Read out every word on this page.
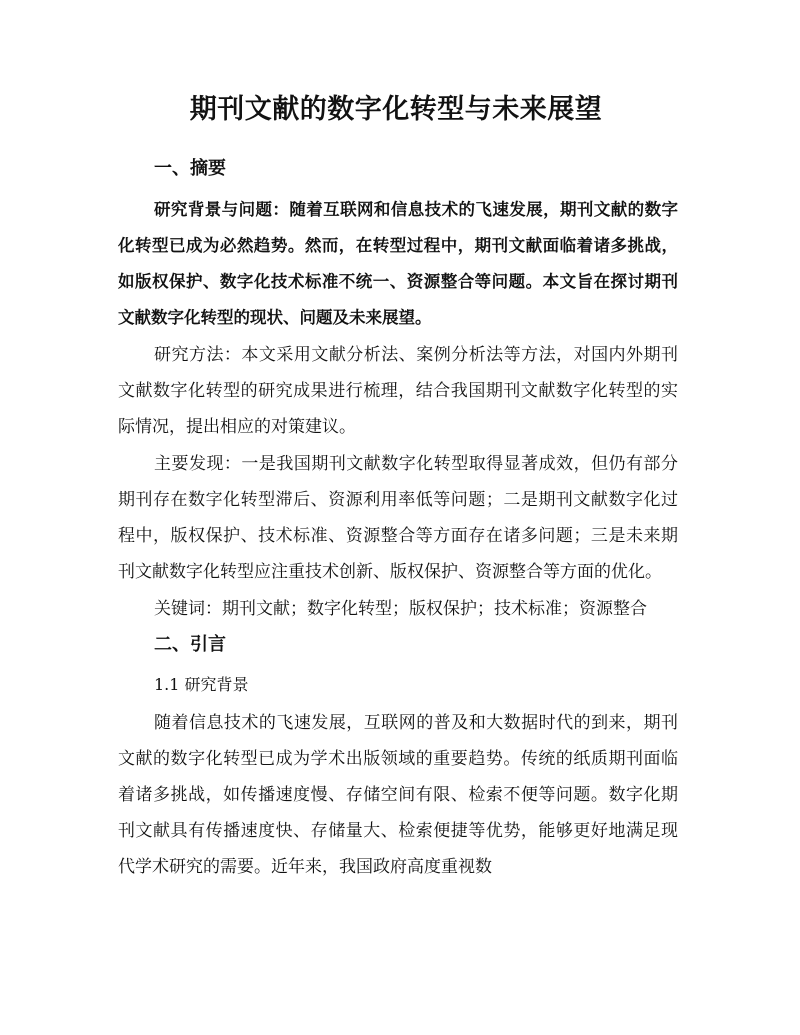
期刊文献的数字化转型与未来展望
一、摘要

研究背景与问题：随着互联网和信息技术的飞速发展，期刊文献的数字化转型已成为必然趋势。然而，在转型过程中，期刊文献面临着诸多挑战，如版权保护、数字化技术标准不统一、资源整合等问题。本文旨在探讨期刊文献数字化转型的现状、问题及未来展望。

研究方法：本文采用文献分析法、案例分析法等方法，对国内外期刊文献数字化转型的研究成果进行梳理，结合我国期刊文献数字化转型的实际情况，提出相应的对策建议。

主要发现：一是我国期刊文献数字化转型取得显著成效，但仍有部分期刊存在数字化转型滞后、资源利用率低等问题；二是期刊文献数字化过程中，版权保护、技术标准、资源整合等方面存在诸多问题；三是未来期刊文献数字化转型应注重技术创新、版权保护、资源整合等方面的优化。

关键词：期刊文献；数字化转型；版权保护；技术标准；资源整合

二、引言
1.1 研究背景

随着信息技术的飞速发展，互联网的普及和大数据时代的到来，期刊文献的数字化转型已成为学术出版领域的重要趋势。传统的纸质期刊面临着诸多挑战，如传播速度慢、存储空间有限、检索不便等问题。数字化期刊文献具有传播速度快、存储量大、检索便捷等优势，能够更好地满足现代学术研究的需要。近年来，我国政府高度重视数
